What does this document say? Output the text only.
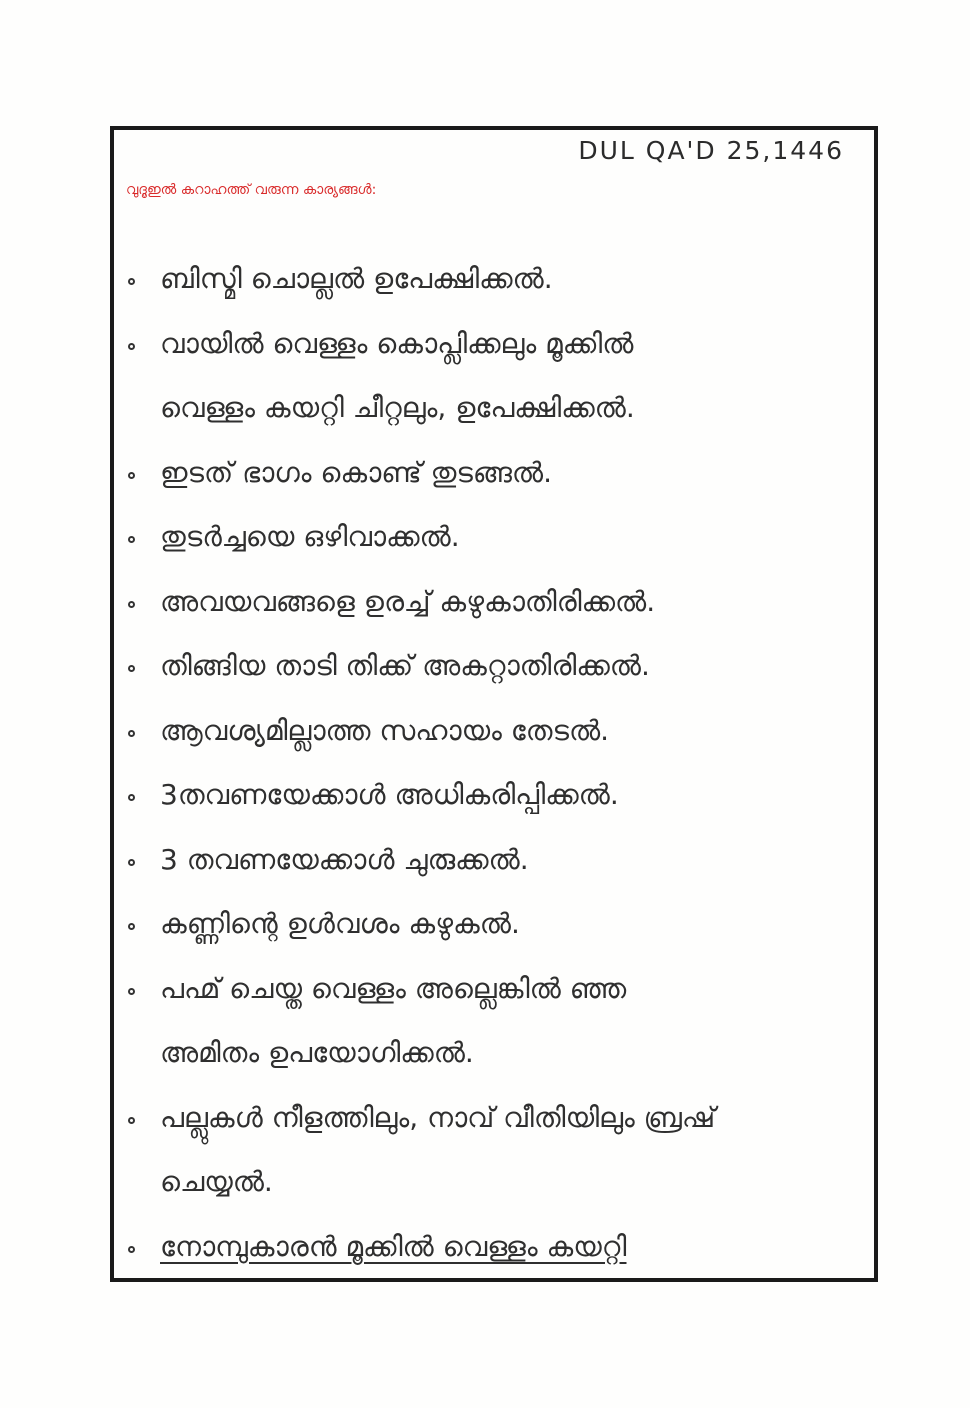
DUL QA'D 25,1446
വുദൂഇൽ കറാഹത്ത് വരുന്ന കാര്യങ്ങൾ:
ബിസ്മി ചൊല്ലൽ ഉപേക്ഷിക്കൽ.
വായിൽ വെള്ളം കൊപ്ലിക്കലും മൂക്കിൽ
വെള്ളം കയറ്റി ചീറ്റലും, ഉപേക്ഷിക്കൽ.
ഇടത് ഭാഗം കൊണ്ട് തുടങ്ങൽ.
തുടർച്ചയെ ഒഴിവാക്കൽ.
അവയവങ്ങളെ ഉരച്ച് കഴുകാതിരിക്കൽ.
തിങ്ങിയ താടി തിക്ക് അകറ്റാതിരിക്കൽ.
ആവശ്യമില്ലാത്ത സഹായം തേടൽ.
3തവണയേക്കാൾ അധികരിപ്പിക്കൽ.
3 തവണയേക്കാൾ ചുരുക്കൽ.
കണ്ണിന്റെ ഉൾവശം കഴുകൽ.
പഹ്മ് ചെയ്ത വെള്ളം അല്ലെങ്കിൽ ഞ്ഞ
അമിതം ഉപയോഗിക്കൽ.
പല്ലുകൾ നീളത്തിലും, നാവ് വീതിയിലും ബ്രഷ്
ചെയ്യൽ.
നോമ്പുകാരൻ മൂക്കിൽ വെള്ളം കയറ്റി
